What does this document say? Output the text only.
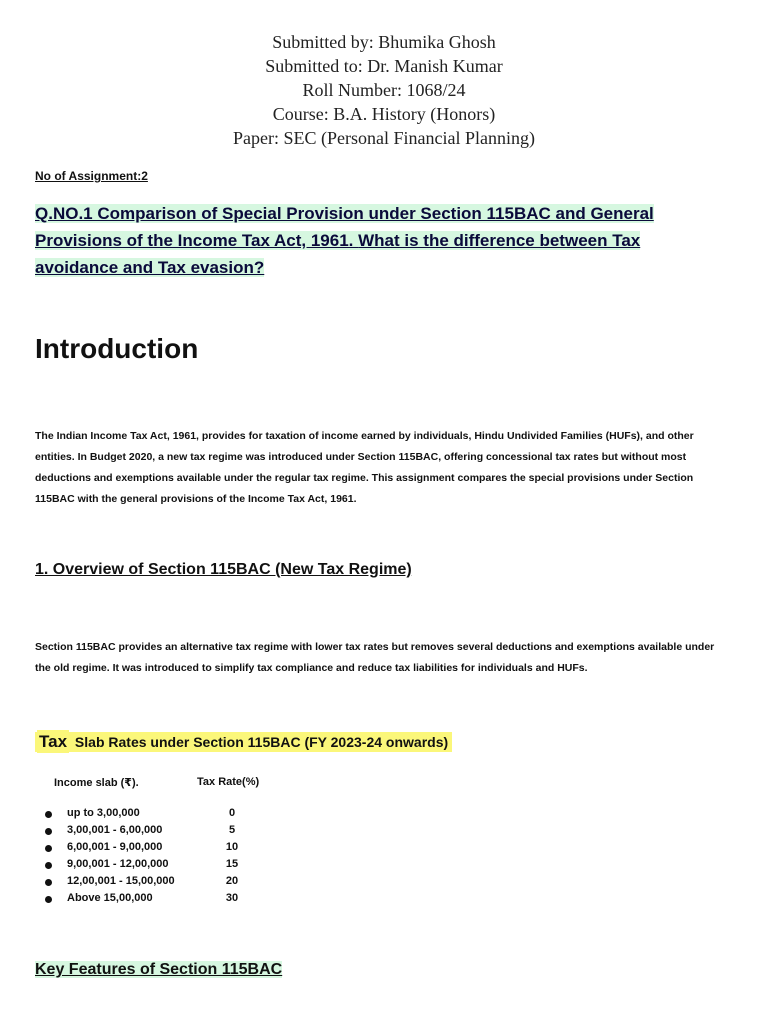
Submitted by: Bhumika Ghosh
Submitted to: Dr. Manish Kumar
Roll Number: 1068/24
Course: B.A. History (Honors)
Paper: SEC (Personal Financial Planning)
No of Assignment:2
Q.NO.1 Comparison of Special Provision under Section 115BAC and General Provisions of the Income Tax Act, 1961. What is the difference between Tax avoidance and Tax evasion?
Introduction
The Indian Income Tax Act, 1961, provides for taxation of income earned by individuals, Hindu Undivided Families (HUFs), and other entities. In Budget 2020, a new tax regime was introduced under Section 115BAC, offering concessional tax rates but without most deductions and exemptions available under the regular tax regime. This assignment compares the special provisions under Section 115BAC with the general provisions of the Income Tax Act, 1961.
1. Overview of Section 115BAC (New Tax Regime)
Section 115BAC provides an alternative tax regime with lower tax rates but removes several deductions and exemptions available under the old regime. It was introduced to simplify tax compliance and reduce tax liabilities for individuals and HUFs.
Tax Slab Rates under Section 115BAC (FY 2023-24 onwards)
Income slab (₹).	Tax Rate(%)
up to 3,00,000	0
3,00,001 - 6,00,000	5
6,00,001 - 9,00,000	10
9,00,001 - 12,00,000	15
12,00,001 - 15,00,000	20
Above 15,00,000	30
Key Features of Section 115BAC
